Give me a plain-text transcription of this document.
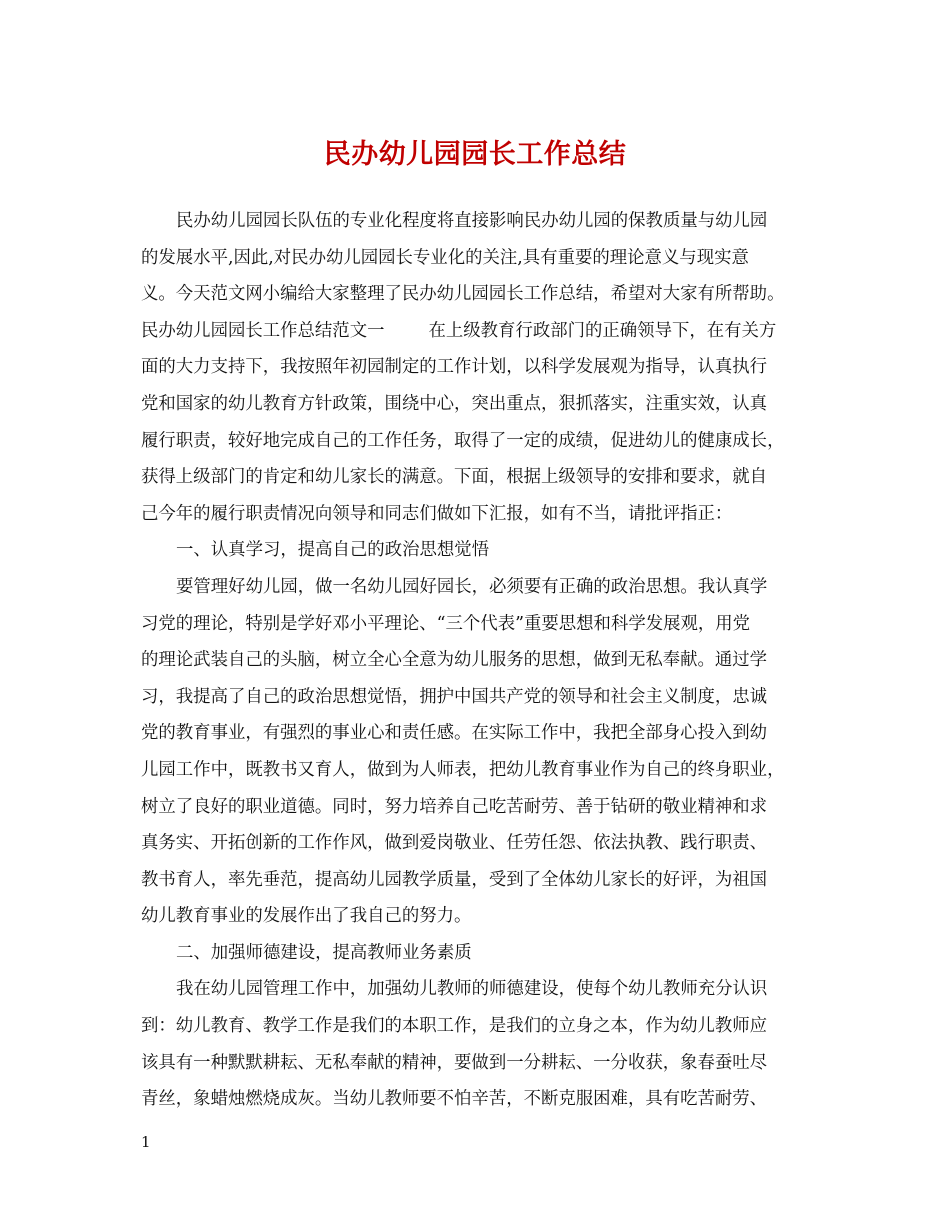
民办幼儿园园长工作总结
民办幼儿园园长队伍的专业化程度将直接影响民办幼儿园的保教质量与幼儿园
的发展水平,因此,对民办幼儿园园长专业化的关注,具有重要的理论意义与现实意
义。今天范文网小编给大家整理了民办幼儿园园长工作总结，希望对大家有所帮助。
民办幼儿园园长工作总结范文一	在上级教育行政部门的正确领导下，在有关方
面的大力支持下，我按照年初园制定的工作计划，以科学发展观为指导，认真执行
党和国家的幼儿教育方针政策，围绕中心，突出重点，狠抓落实，注重实效，认真
履行职责，较好地完成自己的工作任务，取得了一定的成绩，促进幼儿的健康成长，
获得上级部门的肯定和幼儿家长的满意。下面，根据上级领导的安排和要求，就自
己今年的履行职责情况向领导和同志们做如下汇报，如有不当，请批评指正：
一、认真学习，提高自己的政治思想觉悟
要管理好幼儿园，做一名幼儿园好园长，必须要有正确的政治思想。我认真学
习党的理论，特别是学好邓小平理论、“三个代表”重要思想和科学发展观，用党
的理论武装自己的头脑，树立全心全意为幼儿服务的思想，做到无私奉献。通过学
习，我提高了自己的政治思想觉悟，拥护中国共产党的领导和社会主义制度，忠诚
党的教育事业，有强烈的事业心和责任感。在实际工作中，我把全部身心投入到幼
儿园工作中，既教书又育人，做到为人师表，把幼儿教育事业作为自己的终身职业，
树立了良好的职业道德。同时，努力培养自己吃苦耐劳、善于钻研的敬业精神和求
真务实、开拓创新的工作作风，做到爱岗敬业、任劳任怨、依法执教、践行职责、
教书育人，率先垂范，提高幼儿园教学质量，受到了全体幼儿家长的好评，为祖国
幼儿教育事业的发展作出了我自己的努力。
二、加强师德建设，提高教师业务素质
我在幼儿园管理工作中，加强幼儿教师的师德建设，使每个幼儿教师充分认识
到：幼儿教育、教学工作是我们的本职工作，是我们的立身之本，作为幼儿教师应
该具有一种默默耕耘、无私奉献的精神，要做到一分耕耘、一分收获，象春蚕吐尽
青丝，象蜡烛燃烧成灰。当幼儿教师要不怕辛苦，不断克服困难，具有吃苦耐劳、
1
